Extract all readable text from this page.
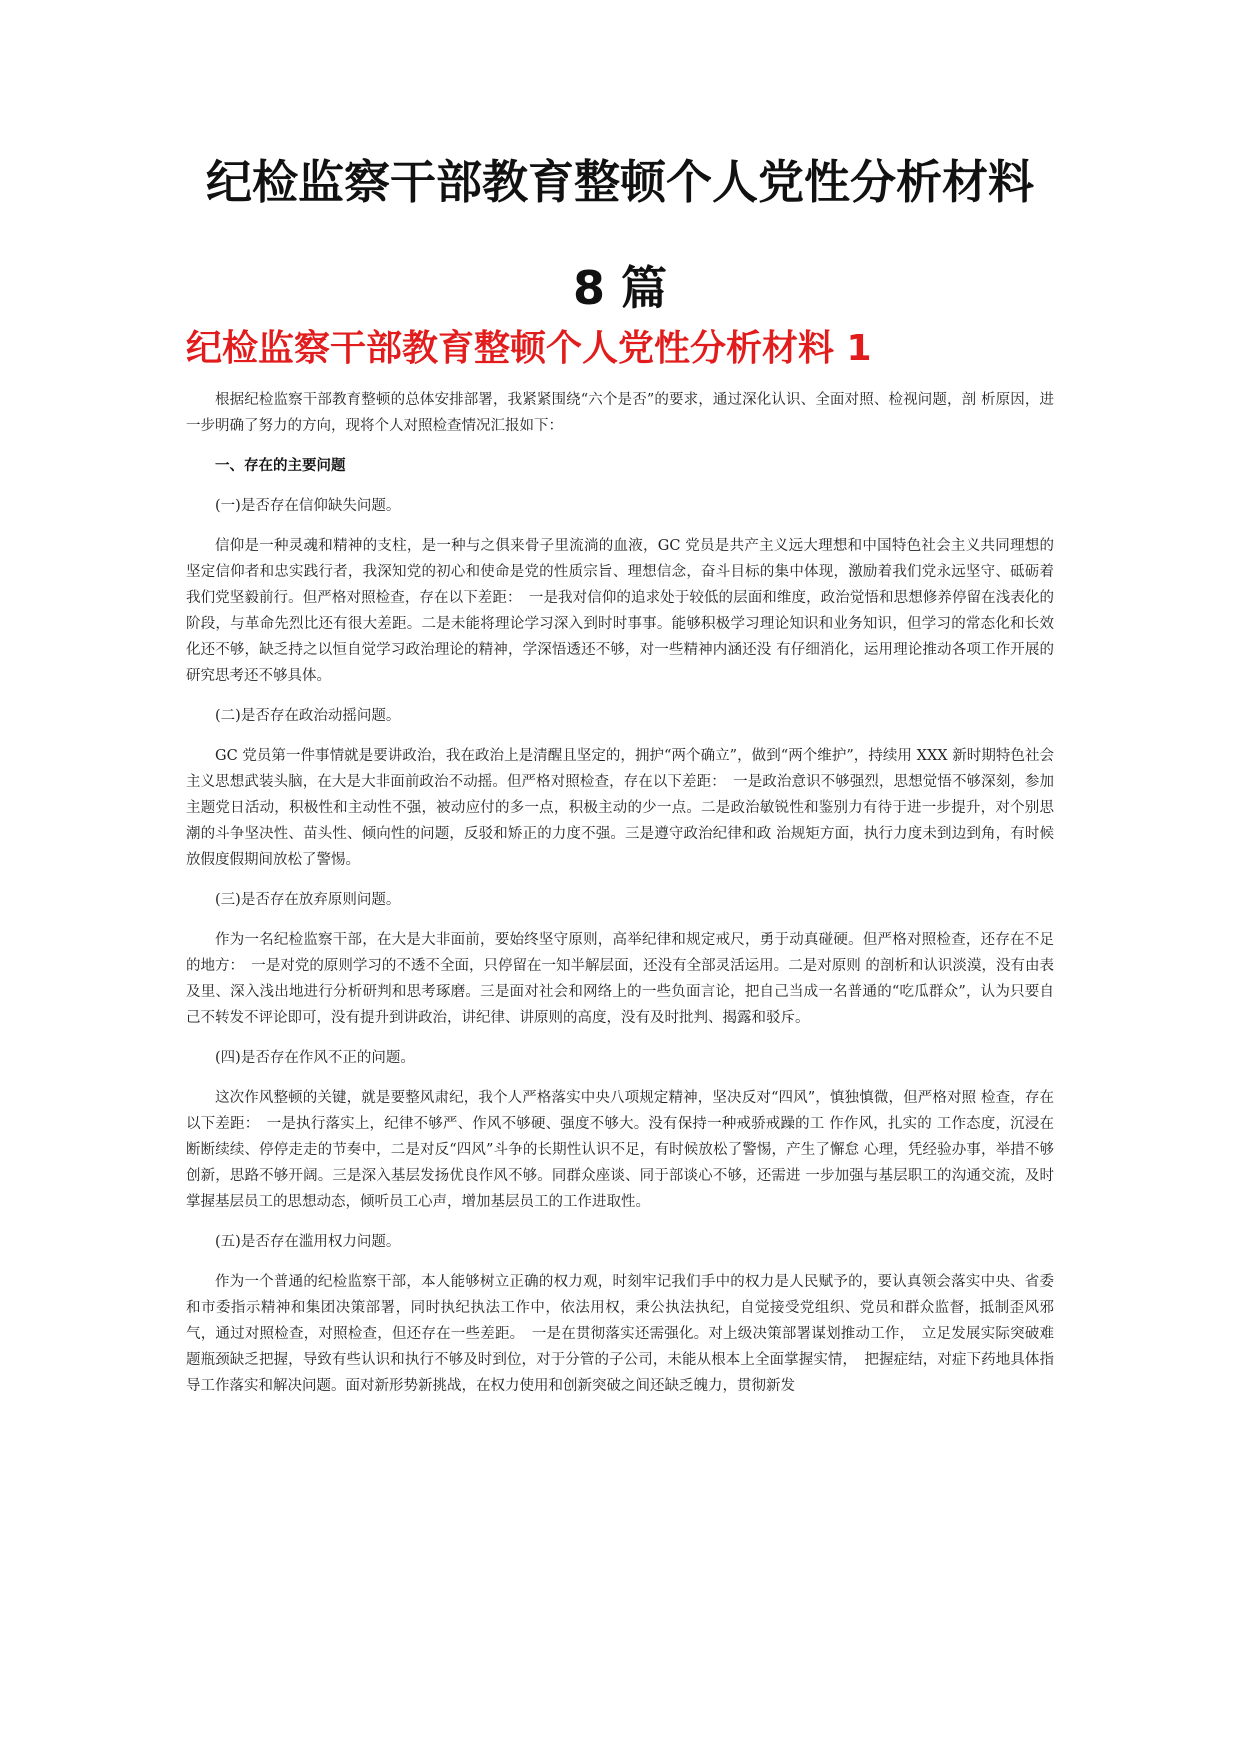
纪检监察干部教育整顿个人党性分析材料
8 篇
纪检监察干部教育整顿个人党性分析材料 1

根据纪检监察干部教育整顿的总体安排部署，我紧紧围绕“六个是否”的要求，通过深化认识、全面对照、检视问题，剖 析原因，进一步明确了努力的方向，现将个人对照检查情况汇报如下：

一、存在的主要问题

(一)是否存在信仰缺失问题。

信仰是一种灵魂和精神的支柱，是一种与之俱来骨子里流淌的血液，GC 党员是共产主义远大理想和中国特色社会主义共同理想的坚定信仰者和忠实践行者，我深知党的初心和使命是党的性质宗旨、理想信念，奋斗目标的集中体现，激励着我们党永远坚守、砥砺着我们党坚毅前行。但严格对照检查，存在以下差距：　一是我对信仰的追求处于较低的层面和维度，政治觉悟和思想修养停留在浅表化的阶段，与革命先烈比还有很大差距。二是未能将理论学习深入到时时事事。能够积极学习理论知识和业务知识，但学习的常态化和长效化还不够，缺乏持之以恒自觉学习政治理论的精神，学深悟透还不够，对一些精神内涵还没 有仔细消化，运用理论推动各项工作开展的研究思考还不够具体。

(二)是否存在政治动摇问题。

GC 党员第一件事情就是要讲政治，我在政治上是清醒且坚定的，拥护“两个确立”，做到“两个维护”，持续用 XXX 新时期特色社会主义思想武装头脑，在大是大非面前政治不动摇。但严格对照检查，存在以下差距：　一是政治意识不够强烈，思想觉悟不够深刻，参加主题党日活动，积极性和主动性不强，被动应付的多一点，积极主动的少一点。二是政治敏锐性和鉴别力有待于进一步提升，对个别思潮的斗争坚决性、苗头性、倾向性的问题，反驳和矫正的力度不强。三是遵守政治纪律和政 治规矩方面，执行力度未到边到角，有时候放假度假期间放松了警惕。

(三)是否存在放弃原则问题。

作为一名纪检监察干部，在大是大非面前，要始终坚守原则，高举纪律和规定戒尺，勇于动真碰硬。但严格对照检查，还存在不足的地方：　一是对党的原则学习的不透不全面，只停留在一知半解层面，还没有全部灵活运用。二是对原则 的剖析和认识淡漠，没有由表及里、深入浅出地进行分析研判和思考琢磨。三是面对社会和网络上的一些负面言论，把自己当成一名普通的“吃瓜群众”，认为只要自己不转发不评论即可，没有提升到讲政治，讲纪律、讲原则的高度，没有及时批判、揭露和驳斥。

(四)是否存在作风不正的问题。

这次作风整顿的关键，就是要整风肃纪，我个人严格落实中央八项规定精神，坚决反对“四风”，慎独慎微，但严格对照 检查，存在以下差距：　一是执行落实上，纪律不够严、作风不够硬、强度不够大。没有保持一种戒骄戒躁的工 作作风，扎实的 工作态度，沉浸在断断续续、停停走走的节奏中，二是对反“四风”斗争的长期性认识不足，有时候放松了警惕，产生了懈怠 心理，凭经验办事，举措不够创新，思路不够开阔。三是深入基层发扬优良作风不够。同群众座谈、同于部谈心不够，还需进 一步加强与基层职工的沟通交流，及时掌握基层员工的思想动态，倾听员工心声，增加基层员工的工作进取性。

(五)是否存在滥用权力问题。

作为一个普通的纪检监察干部，本人能够树立正确的权力观，时刻牢记我们手中的权力是人民赋予的，要认真领会落实中央、省委和市委指示精神和集团决策部署，同时执纪执法工作中，依法用权，秉公执法执纪，自觉接受党组织、党员和群众监督，抵制歪风邪气，通过对照检查，对照检查，但还存在一些差距。　一是在贯彻落实还需强化。对上级决策部署谋划推动工作，　立足发展实际突破难题瓶颈缺乏把握，导致有些认识和执行不够及时到位，对于分管的子公司，未能从根本上全面掌握实情，　把握症结，对症下药地具体指导工作落实和解决问题。面对新形势新挑战，在权力使用和创新突破之间还缺乏魄力，贯彻新发
